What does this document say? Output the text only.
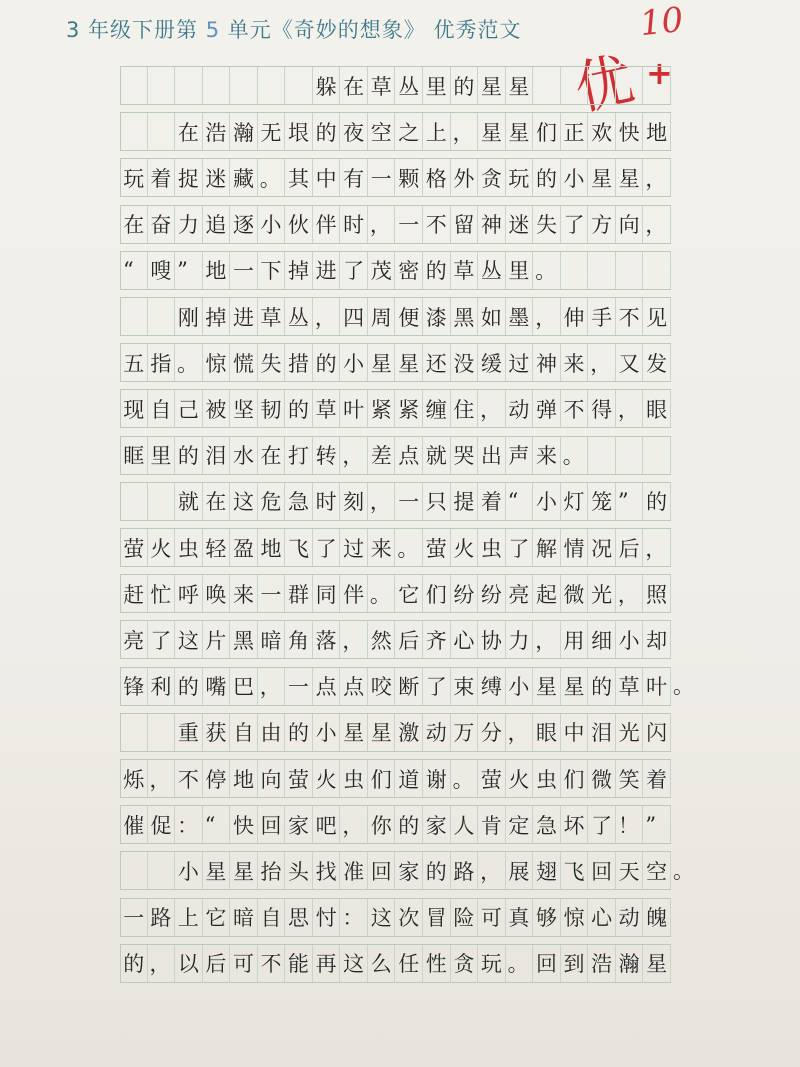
3 年级下册第 5 单元《奇妙的想象》 优秀范文	10
优 +
躲 在 草 丛 里 的 星 星
在 浩 瀚 无 垠 的 夜 空 之 上 ， 星 星 们 正 欢 快 地
玩 着 捉 迷 藏 。 其 中 有 一 颗 格 外 贪 玩 的 小 星 星 ，
在 奋 力 追 逐 小 伙 伴 时 ， 一 不 留 神 迷 失 了 方 向 ，
“ 嗖 ” 地 一 下 掉 进 了 茂 密 的 草 丛 里 。
刚 掉 进 草 丛 ， 四 周 便 漆 黑 如 墨 ， 伸 手 不 见
五 指 。 惊 慌 失 措 的 小 星 星 还 没 缓 过 神 来 ， 又 发
现 自 己 被 坚 韧 的 草 叶 紧 紧 缠 住 ， 动 弹 不 得 ， 眼
眶 里 的 泪 水 在 打 转 ， 差 点 就 哭 出 声 来 。
就 在 这 危 急 时 刻 ， 一 只 提 着 “ 小 灯 笼 ” 的
萤 火 虫 轻 盈 地 飞 了 过 来 。 萤 火 虫 了 解 情 况 后 ，
赶 忙 呼 唤 来 一 群 同 伴 。 它 们 纷 纷 亮 起 微 光 ， 照
亮 了 这 片 黑 暗 角 落 ， 然 后 齐 心 协 力 ， 用 细 小 却
锋 利 的 嘴 巴 ， 一 点 点 咬 断 了 束 缚 小 星 星 的 草 叶 。
重 获 自 由 的 小 星 星 激 动 万 分 ， 眼 中 泪 光 闪
烁 ， 不 停 地 向 萤 火 虫 们 道 谢 。 萤 火 虫 们 微 笑 着
催 促 ： “ 快 回 家 吧 ， 你 的 家 人 肯 定 急 坏 了 ！ ”
小 星 星 抬 头 找 准 回 家 的 路 ， 展 翅 飞 回 天 空 。
一 路 上 它 暗 自 思 忖 ： 这 次 冒 险 可 真 够 惊 心 动 魄
的 ， 以 后 可 不 能 再 这 么 任 性 贪 玩 。 回 到 浩 瀚 星
